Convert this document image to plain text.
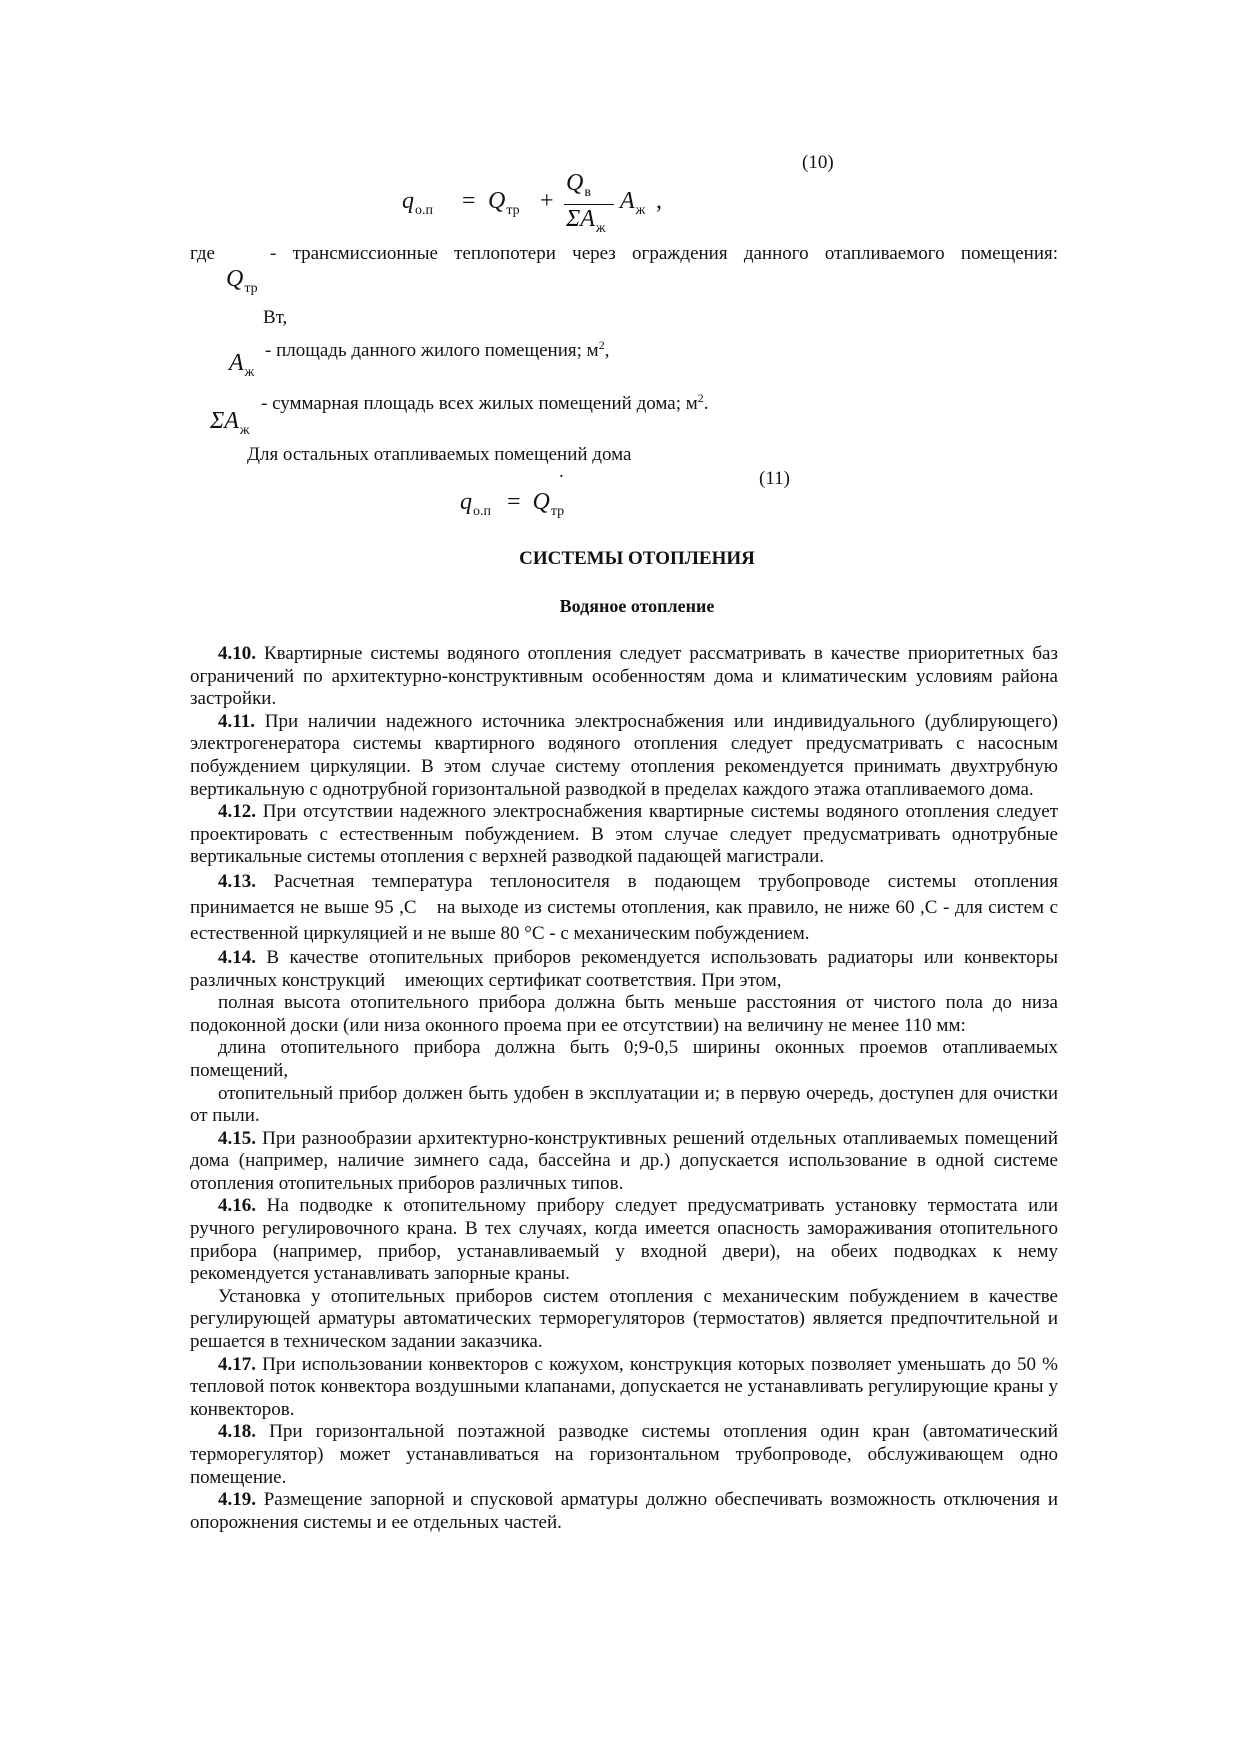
(10)
$q_{о.п} = Q_{тр}$ +
$Q_в$
$\Sigma A_ж$
$A_ж$ ,
где	- трансмиссионные теплопотери через ограждения данного отапливаемого помещения:
$Q_{тр}$
Вт,
- площадь данного жилого помещения; $м^2$,
$A_ж$
- суммарная площадь всех жилых помещений дома; $м^2$.
$\Sigma A_ж$
Для остальных отапливаемых помещений дома
(11)
.
$q_{о.п} = Q_{тр}$
СИСТЕМЫ ОТОПЛЕНИЯ
Водяное отопление

4.10. Квартирные системы водяного отопления следует рассматривать в качестве приоритетных баз ограничений по архитектурно-конструктивным особенностям дома и климатическим условиям района застройки.

4.11. При наличии надежного источника электроснабжения или индивидуального (дублирующего) электрогенератора системы квартирного водяного отопления следует предусматривать с насосным побуждением циркуляции. В этом случае систему отопления рекомендуется принимать двухтрубную вертикальную с однотрубной горизонтальной разводкой в пределах каждого этажа отапливаемого дома.

4.12. При отсутствии надежного электроснабжения квартирные системы водяного отопления следует проектировать с естественным побуждением. В этом случае следует предусматривать однотрубные вертикальные системы отопления с верхней разводкой падающей магистрали.

4.13. Расчетная температура теплоносителя в подающем трубопроводе системы отопления принимается не выше 95 ,С  на выходе из системы отопления, как правило, не ниже 60 ,С - для систем с естественной циркуляцией и не выше 80 °С - с механическим побуждением.

4.14. В качестве отопительных приборов рекомендуется использовать радиаторы или конвекторы различных конструкций  имеющих сертификат соответствия. При этом,

полная высота отопительного прибора должна быть меньше расстояния от чистого пола до низа подоконной доски (или низа оконного проема при ее отсутствии) на величину не менее 110 мм:

длина отопительного прибора должна быть 0;9-0,5 ширины оконных проемов отапливаемых помещений,

отопительный прибор должен быть удобен в эксплуатации и; в первую очередь, доступен для очистки от пыли.

4.15. При разнообразии архитектурно-конструктивных решений отдельных отапливаемых помещений дома (например, наличие зимнего сада, бассейна и др.) допускается использование в одной системе отопления отопительных приборов различных типов.

4.16. На подводке к отопительному прибору следует предусматривать установку термостата или ручного регулировочного крана. В тех случаях, когда имеется опасность замораживания отопительного прибора (например, прибор, устанавливаемый у входной двери), на обеих подводках к нему рекомендуется устанавливать запорные краны.

Установка у отопительных приборов систем отопления с механическим побуждением в качестве регулирующей арматуры автоматических терморегуляторов (термостатов) является предпочтительной и решается в техническом задании заказчика.

4.17. При использовании конвекторов с кожухом, конструкция которых позволяет уменьшать до 50 % тепловой поток конвектора воздушными клапанами, допускается не устанавливать регулирующие краны у конвекторов.

4.18. При горизонтальной поэтажной разводке системы отопления один кран (автоматический терморегулятор) может устанавливаться на горизонтальном трубопроводе, обслуживающем одно помещение.

4.19. Размещение запорной и спусковой арматуры должно обеспечивать возможность отключения и опорожнения системы и ее отдельных частей.
